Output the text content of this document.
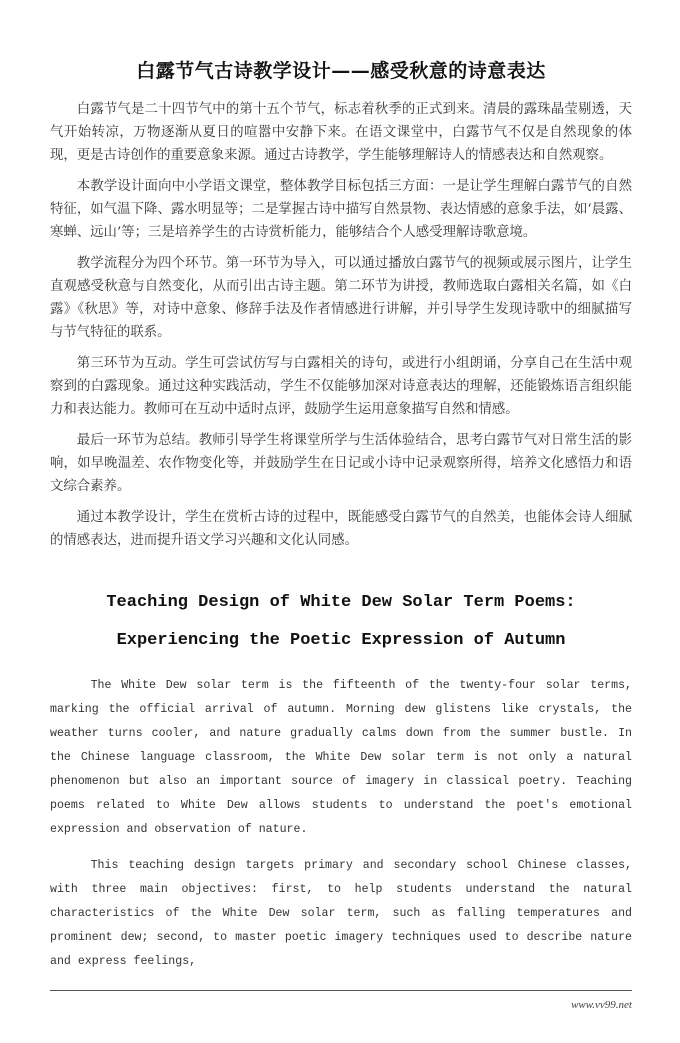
白露节气古诗教学设计——感受秋意的诗意表达

白露节气是二十四节气中的第十五个节气，标志着秋季的正式到来。清晨的露珠晶莹剔透，天气开始转凉，万物逐渐从夏日的喧嚣中安静下来。在语文课堂中，白露节气不仅是自然现象的体现，更是古诗创作的重要意象来源。通过古诗教学，学生能够理解诗人的情感表达和自然观察。

本教学设计面向中小学语文课堂，整体教学目标包括三方面：一是让学生理解白露节气的自然特征，如气温下降、露水明显等；二是掌握古诗中描写自然景物、表达情感的意象手法，如‘晨露、寒蝉、远山’等；三是培养学生的古诗赏析能力，能够结合个人感受理解诗歌意境。

教学流程分为四个环节。第一环节为导入，可以通过播放白露节气的视频或展示图片，让学生直观感受秋意与自然变化，从而引出古诗主题。第二环节为讲授，教师选取白露相关名篇，如《白露》《秋思》等，对诗中意象、修辞手法及作者情感进行讲解，并引导学生发现诗歌中的细腻描写与节气特征的联系。

第三环节为互动。学生可尝试仿写与白露相关的诗句，或进行小组朗诵，分享自己在生活中观察到的白露现象。通过这种实践活动，学生不仅能够加深对诗意表达的理解，还能锻炼语言组织能力和表达能力。教师可在互动中适时点评，鼓励学生运用意象描写自然和情感。

最后一环节为总结。教师引导学生将课堂所学与生活体验结合，思考白露节气对日常生活的影响，如早晚温差、农作物变化等，并鼓励学生在日记或小诗中记录观察所得，培养文化感悟力和语文综合素养。

通过本教学设计，学生在赏析古诗的过程中，既能感受白露节气的自然美，也能体会诗人细腻的情感表达，进而提升语文学习兴趣和文化认同感。

Teaching Design of White Dew Solar Term Poems:
Experiencing the Poetic Expression of Autumn

The White Dew solar term is the fifteenth of the twenty-four solar terms, marking the official arrival of autumn. Morning dew glistens like crystals, the weather turns cooler, and nature gradually calms down from the summer bustle. In the Chinese language classroom, the White Dew solar term is not only a natural phenomenon but also an important source of imagery in classical poetry. Teaching poems related to White Dew allows students to understand the poet's emotional expression and observation of nature.

This teaching design targets primary and secondary school Chinese classes, with three main objectives: first, to help students understand the natural characteristics of the White Dew solar term, such as falling temperatures and prominent dew; second, to master poetic imagery techniques used to describe nature and express feelings,

www.vv99.net
